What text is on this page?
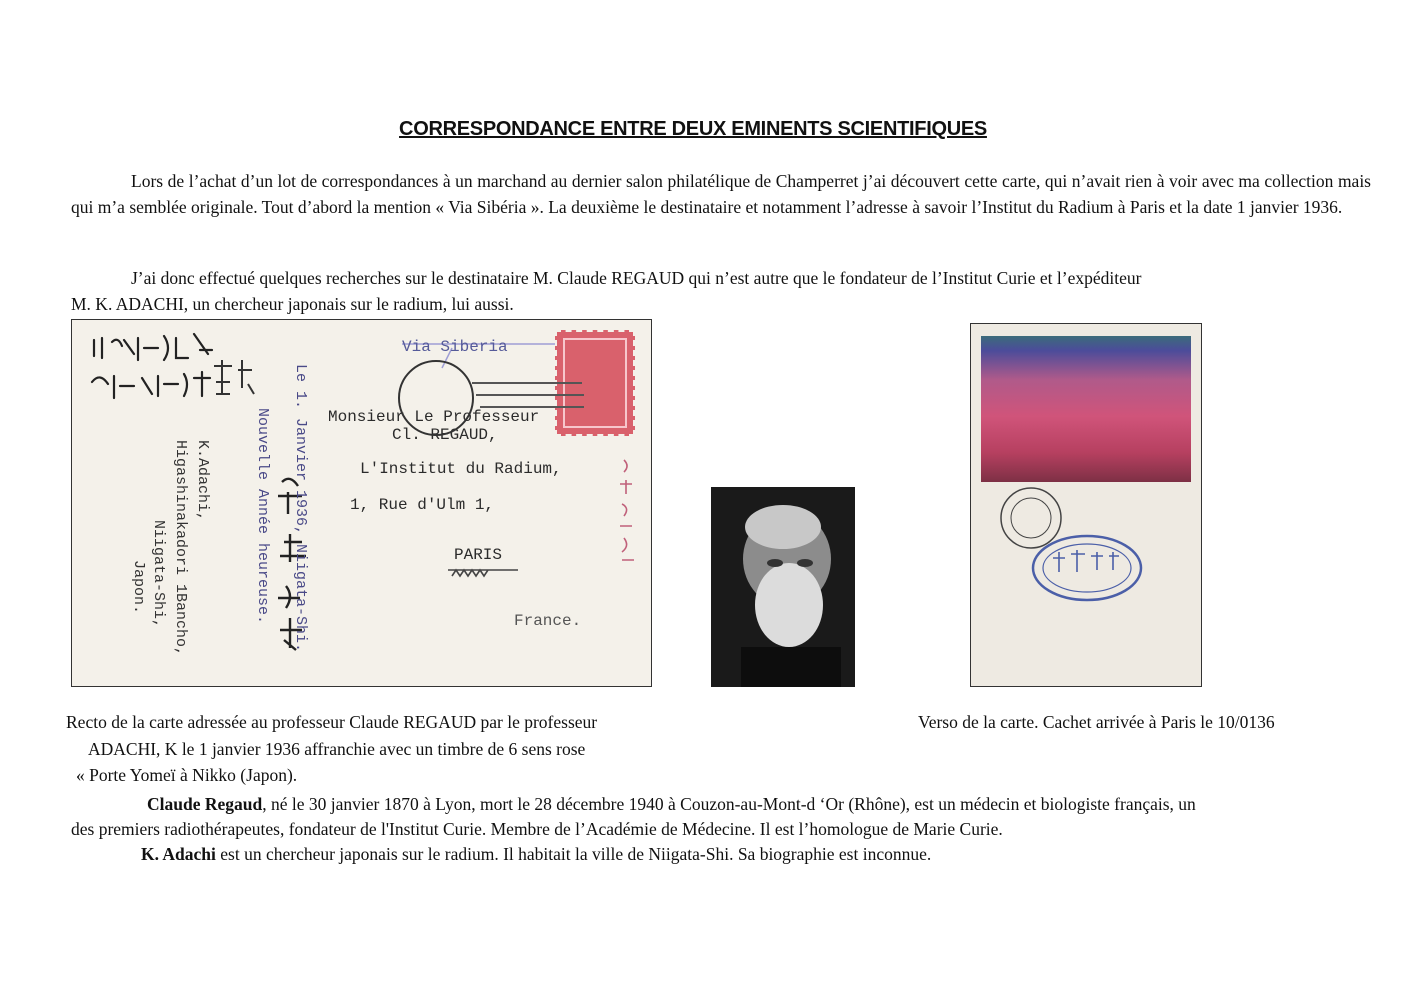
CORRESPONDANCE ENTRE DEUX EMINENTS SCIENTIFIQUES
Lors de l’achat d’un lot de correspondances à un marchand au dernier salon philatélique de Champerret j’ai découvert cette carte, qui n’avait rien à voir avec ma collection mais qui m’a semblée originale. Tout d’abord la mention « Via Sibéria ». La deuxième le destinataire et notamment l’adresse à savoir l’Institut du Radium à Paris et la date 1 janvier 1936.
J’ai donc effectué quelques recherches sur le destinataire M. Claude REGAUD qui n’est autre que le fondateur de l’Institut Curie et l’expéditeur
M. K. ADACHI, un chercheur japonais sur le radium, lui aussi.
Via Siberia
Monsieur Le Professeur
Cl. REGAUD,
L'Institut du Radium,
1, Rue d'Ulm 1,
PARIS
France.
Le 1. Janvier 1936, Niigata-Shi.
Nouvelle Année heureuse.
K.Adachi,
Higashinakadori 1Bancho,
Niigata-Shi,
Japon.
Recto de la carte adressée au professeur Claude REGAUD par le professeur
ADACHI, K le 1 janvier 1936 affranchie avec un timbre de 6 sens rose
« Porte Yomeï à Nikko (Japon).
Verso de la carte. Cachet arrivée à Paris le 10/0136
Claude Regaud, né le 30 janvier 1870 à Lyon, mort le 28 décembre 1940 à Couzon-au-Mont-d ‘Or (Rhône), est un médecin et biologiste français, un
des premiers radiothérapeutes, fondateur de l'Institut Curie. Membre de l’Académie de Médecine. Il est l’homologue de Marie Curie.
K. Adachi est un chercheur japonais sur le radium. Il habitait la ville de Niigata-Shi. Sa biographie est inconnue.
